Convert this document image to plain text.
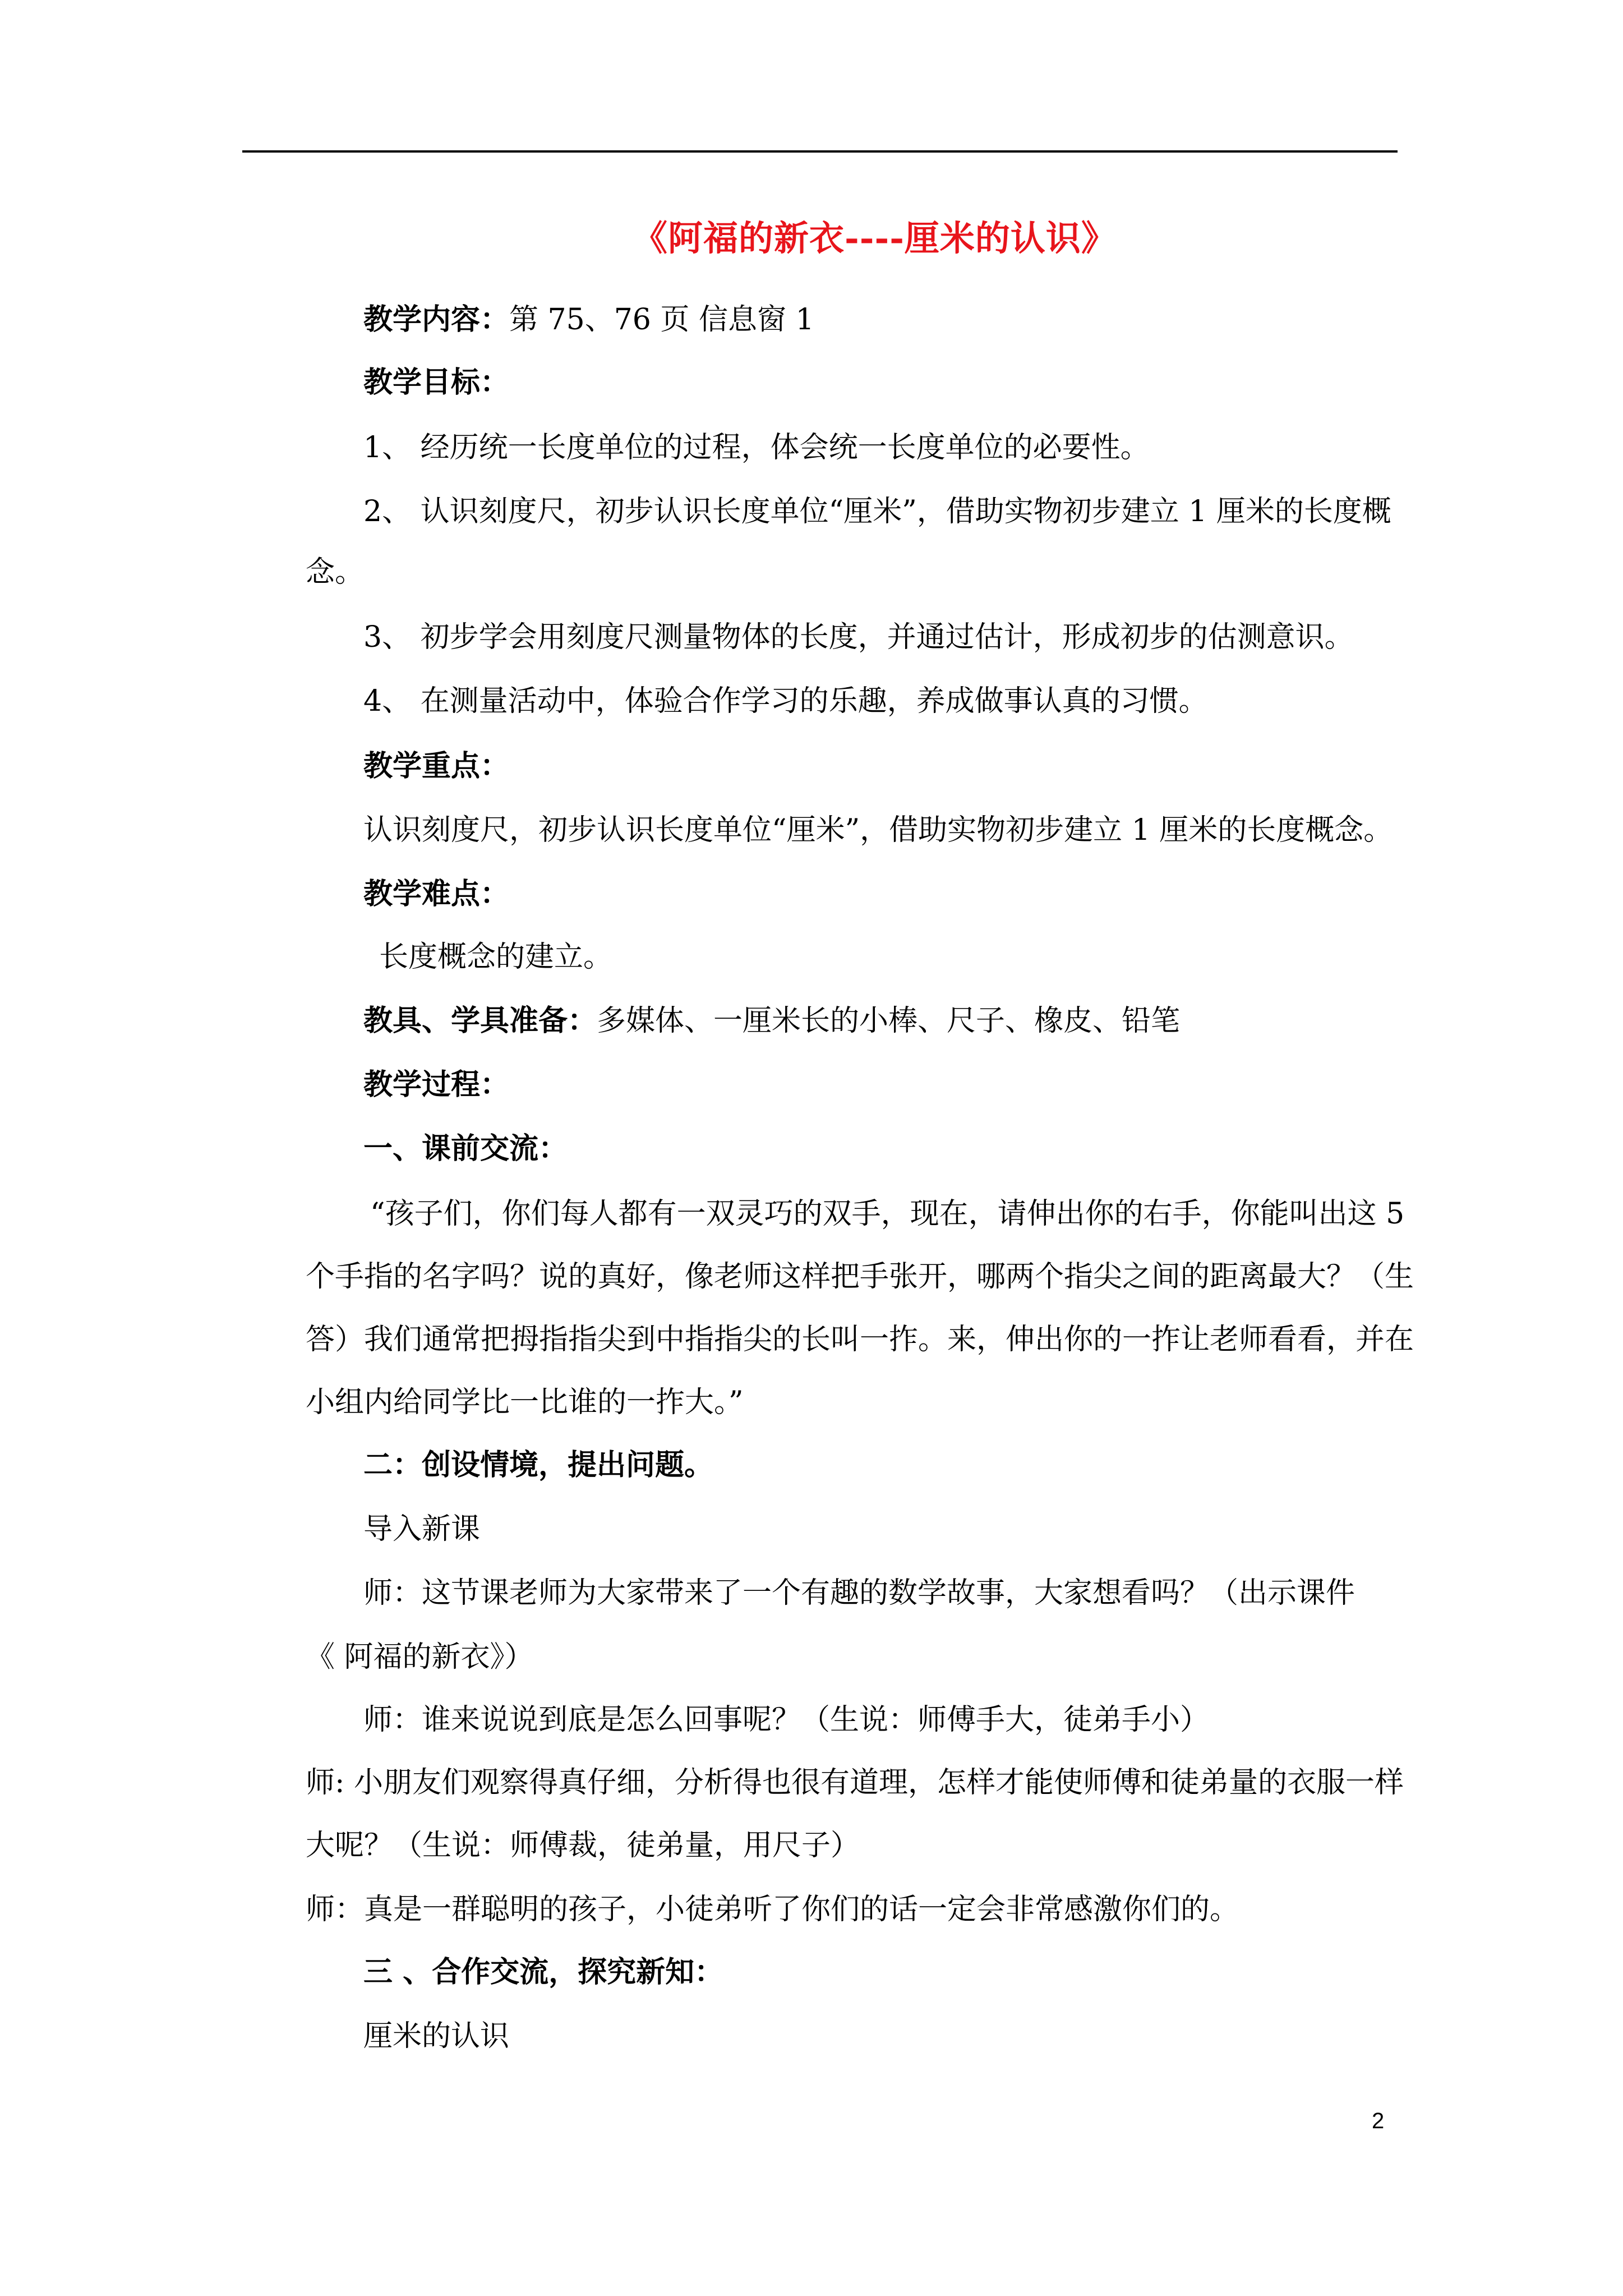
《阿福的新衣----厘米的认识》
教学内容：第 75、76 页 信息窗 1
教学目标：
1、 经历统一长度单位的过程，体会统一长度单位的必要性。
2、 认识刻度尺，初步认识长度单位“厘米”，借助实物初步建立 1 厘米的长度概
念。
3、 初步学会用刻度尺测量物体的长度，并通过估计，形成初步的估测意识。
4、 在测量活动中，体验合作学习的乐趣，养成做事认真的习惯。
教学重点：
认识刻度尺，初步认识长度单位“厘米”，借助实物初步建立 1 厘米的长度概念。
教学难点：
长度概念的建立。
教具、学具准备：多媒体、一厘米长的小棒、尺子、橡皮、铅笔
教学过程：
一、课前交流：
“孩子们，你们每人都有一双灵巧的双手，现在，请伸出你的右手，你能叫出这 5
个手指的名字吗？说的真好，像老师这样把手张开，哪两个指尖之间的距离最大？（生
答）我们通常把拇指指尖到中指指尖的长叫一拃。来，伸出你的一拃让老师看看，并在
小组内给同学比一比谁的一拃大。”
二：创设情境，提出问题。
导入新课
师：这节课老师为大家带来了一个有趣的数学故事，大家想看吗？（出示课件
《 阿福的新衣》）
师：谁来说说到底是怎么回事呢？（生说：师傅手大，徒弟手小）
师: 小朋友们观察得真仔细，分析得也很有道理，怎样才能使师傅和徒弟量的衣服一样
大呢？（生说：师傅裁，徒弟量，用尺子）
师：真是一群聪明的孩子，小徒弟听了你们的话一定会非常感激你们的。
三 、合作交流，探究新知：
厘米的认识
2
